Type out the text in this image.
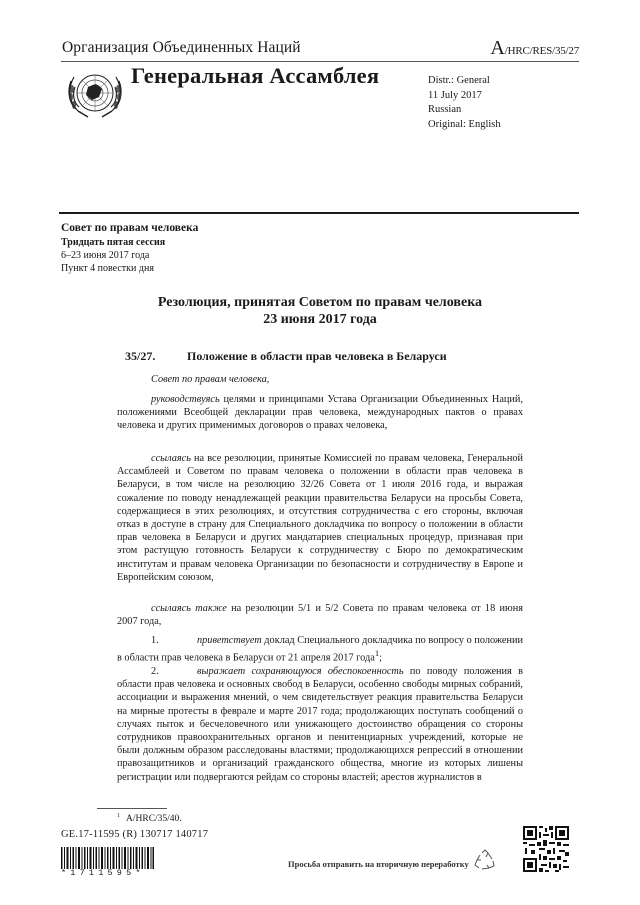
Организация Объединенных Наций	A/HRC/RES/35/27
Генеральная Ассамблея	Distr.: General
11 July 2017
Russian
Original: English
Совет по правам человека
Тридцать пятая сессия
6–23 июня 2017 года
Пункт 4 повестки дня
Резолюция, принятая Советом по правам человека
23 июня 2017 года
35/27.	Положение в области прав человека в Беларуси

Совет по правам человека,

руководствуясь целями и принципами Устава Организации Объединенных Наций, положениями Всеобщей декларации прав человека, международных пактов о правах человека и других применимых договоров о правах человека,

ссылаясь на все резолюции, принятые Комиссией по правам человека, Генеральной Ассамблеей и Советом по правам человека о положении в области прав человека в Беларуси, в том числе на резолюцию 32/26 Совета от 1 июля 2016 года, и выражая сожаление по поводу ненадлежащей реакции правительства Беларуси на просьбы Совета, содержащиеся в этих резолюциях, и отсутствия сотрудничества с его стороны, включая отказ в доступе в страну для Специального докладчика по вопросу о положении в области прав человека в Беларуси и других мандатариев специальных процедур, признавая при этом растущую готовность Беларуси к сотрудничеству с Бюро по демократическим институтам и правам человека Организации по безопасности и сотрудничеству в Европе и Европейским союзом,

ссылаясь также на резолюции 5/1 и 5/2 Совета по правам человека от 18 июня 2007 года,

1.	приветствует доклад Специального докладчика по вопросу о положении в области прав человека в Беларуси от 21 апреля 2017 года$^1$;

2.	выражает сохраняющуюся обеспокоенность по поводу положения в области прав человека и основных свобод в Беларуси, особенно свободы мирных собраний, ассоциации и выражения мнений, о чем свидетельствует реакция правительства Беларуси на мирные протесты в феврале и марте 2017 года; продолжающих поступать сообщений о случаях пыток и бесчеловечного или унижающего достоинство обращения со стороны сотрудников правоохранительных органов и пенитенциарных учреждений, которые не были должным образом расследованы властями; продолжающихся репрессий в отношении правозащитников и организаций гражданского общества, многие из которых лишены регистрации или подвергаются рейдам со стороны властей; арестов журналистов в

$^1$ A/HRC/35/40.
GE.17-11595 (R) 130717 140717
*1711595*
Просьба отправить на вторичную переработку
